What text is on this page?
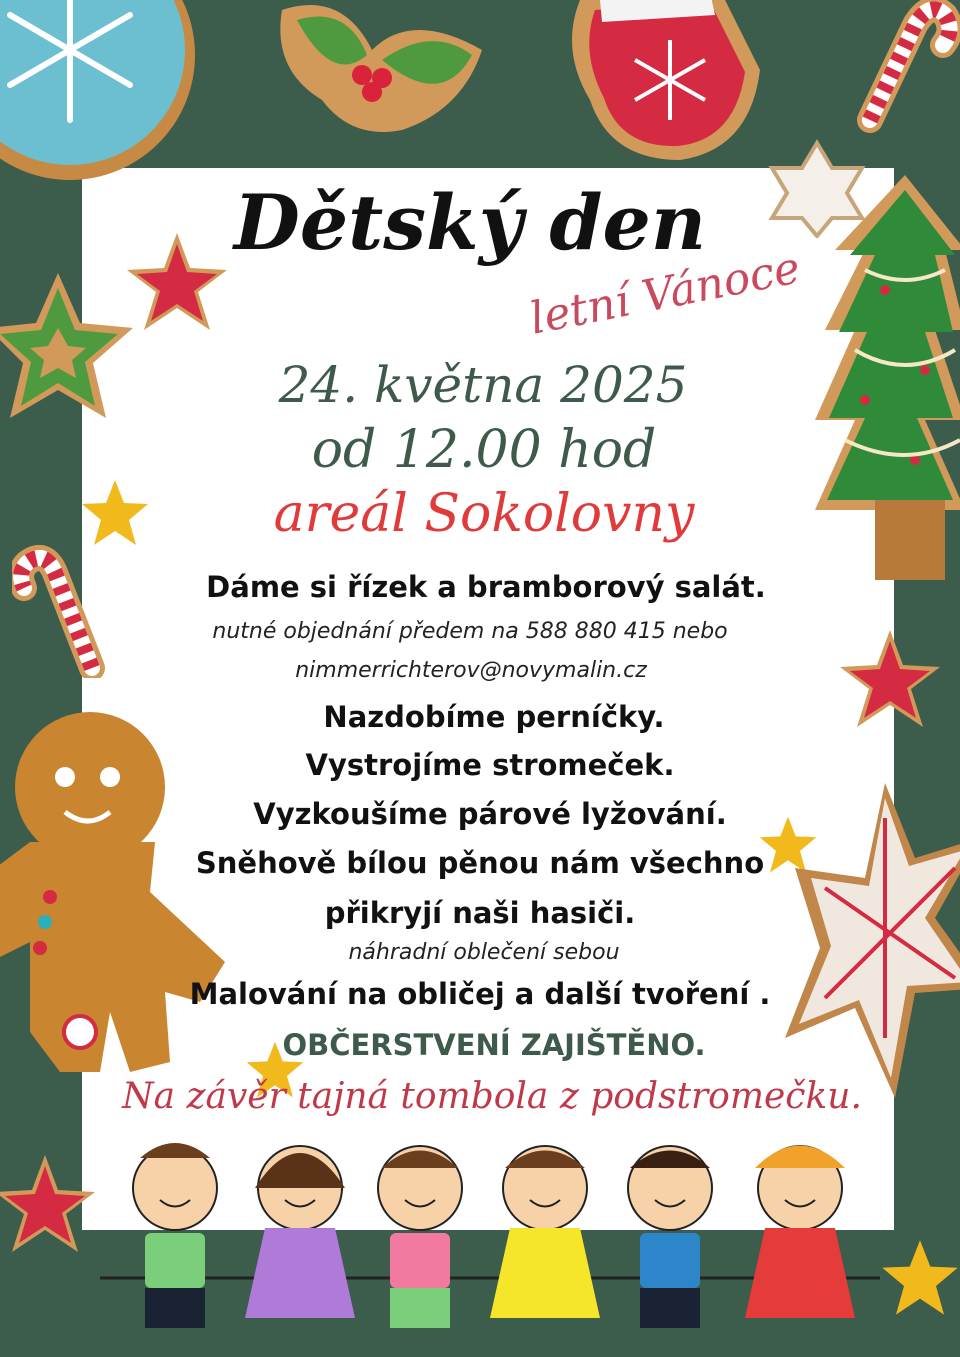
Dětský den
letní Vánoce
24. května 2025
od 12.00 hod
areál Sokolovny
Dáme si řízek a bramborový salát.
nutné objednání předem na 588 880 415 nebo
nimmerrichterov@novymalin.cz
Nazdobíme perníčky.
Vystrojíme stromeček.
Vyzkoušíme párové lyžování.
Sněhově bílou pěnou nám všechno
přikryjí naši hasiči.
náhradní oblečení sebou
Malování na obličej a další tvoření .
OBČERSTVENÍ ZAJIŠTĚNO.
Na závěr tajná tombola z podstromečku.
